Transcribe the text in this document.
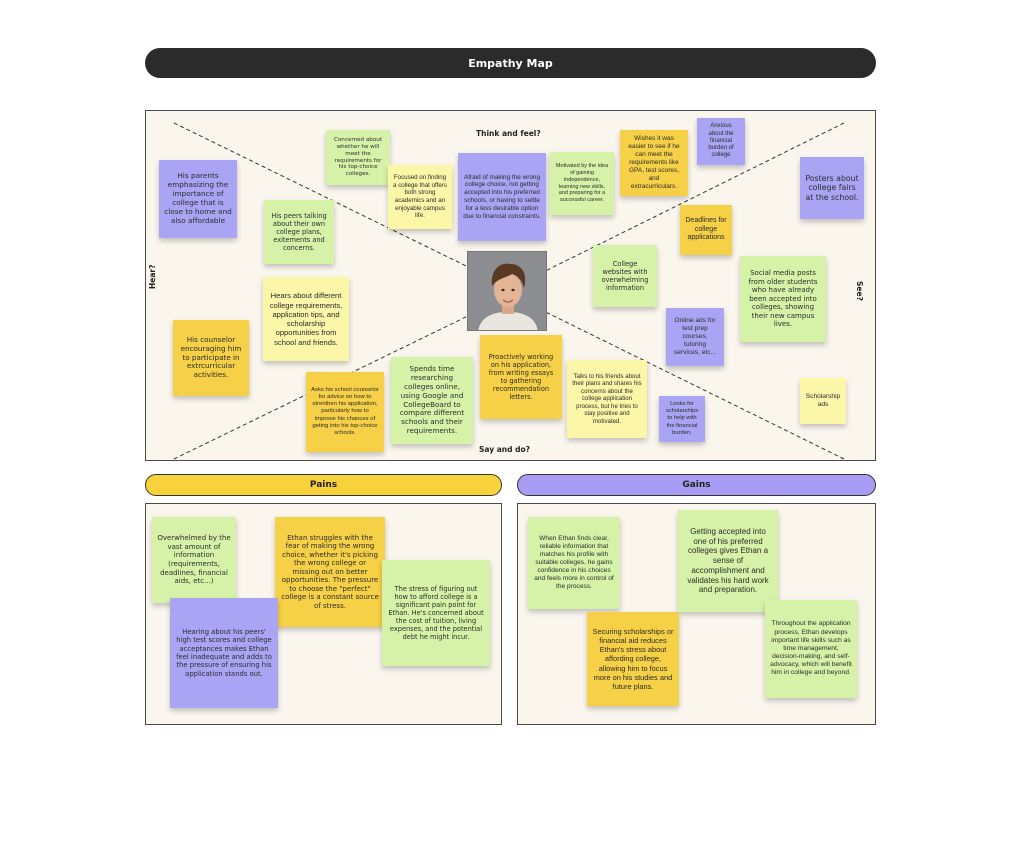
Empathy Map
Think and feel?
Say and do?
Hear?
See?
His parents emphasizing the importance of college that is close to home and also affordable
Concerned about whether he will meet the requirements for his top-choice colleges.
His peers talking about their own college plans, exitements and concerns.
Focused on finding a college that offers both strong academics and an enjoyable campus life.
Afraid of making the wrong college choice, not getting accepted into his preferred schools, or having to settle for a less desirable option due to financial constraints.
Motivated by the idea of gaining independence, learning new skills, and preparing for a successful career.
Wishes it was easier to see if he can meet the requirements like GPA, test scores, and extracurriculars.
Anxious about the financial burden of college
Posters about college fairs at the school.
Deadlines for college applications
Hears about different college requirements, application tips, and scholarship opportunities from school and friends.
College websites with overwhelming information
Social media posts from older students who have already been accepted into colleges, showing their new campus lives.
His counselor encouraging him to participate in extrcurricular activities.
Online ads for test prep courses, tutoring services, etc...
Proactively working on his application, from writing essays to gathering recommendation letters.
Spends time researching colleges online, using Google and CollegeBoard to compare different schools and their requirements.
Asks his school counselor for advice on how to strenthen his application, particularly how to improve his chances of geting into his top-choice schools.
Talks to his friends about their plans and shares his concerns about the college application process, but he tries to stay positive and motivated.
Looks for scholarships to help with the financial burden.
Scholarship ads
Pains	Gains
Overwhelmed by the vast amount of information (requirements, deadlines, financial aids, etc...)
Ethan struggles with the fear of making the wrong choice, whether it's picking the wrong college or missing out on better opportunities. The pressure to choose the "perfect" college is a constant source of stress.
The stress of figuring out how to afford college is a significant pain point for Ethan. He's concerned about the cost of tuition, living expenses, and the potential debt he might incur.
Hearing about his peers' high test scores and college acceptances makes Ethan feel inadequate and adds to the pressure of ensuring his application stands out.
When Ethan finds clear, reliable information that matches his profile with suitable colleges, he gains confidence in his choices and feels more in control of the process.
Getting accepted into one of his preferred colleges gives Ethan a sense of accomplishment and validates his hard work and preparation.
Securing scholarships or financial aid reduces Ethan's stress about affording college, allowing him to focus more on his studies and future plans.
Throughout the application process, Ethan develops important life skills such as time management, decision-making, and self-advocacy, which will benefit him in college and beyond.
